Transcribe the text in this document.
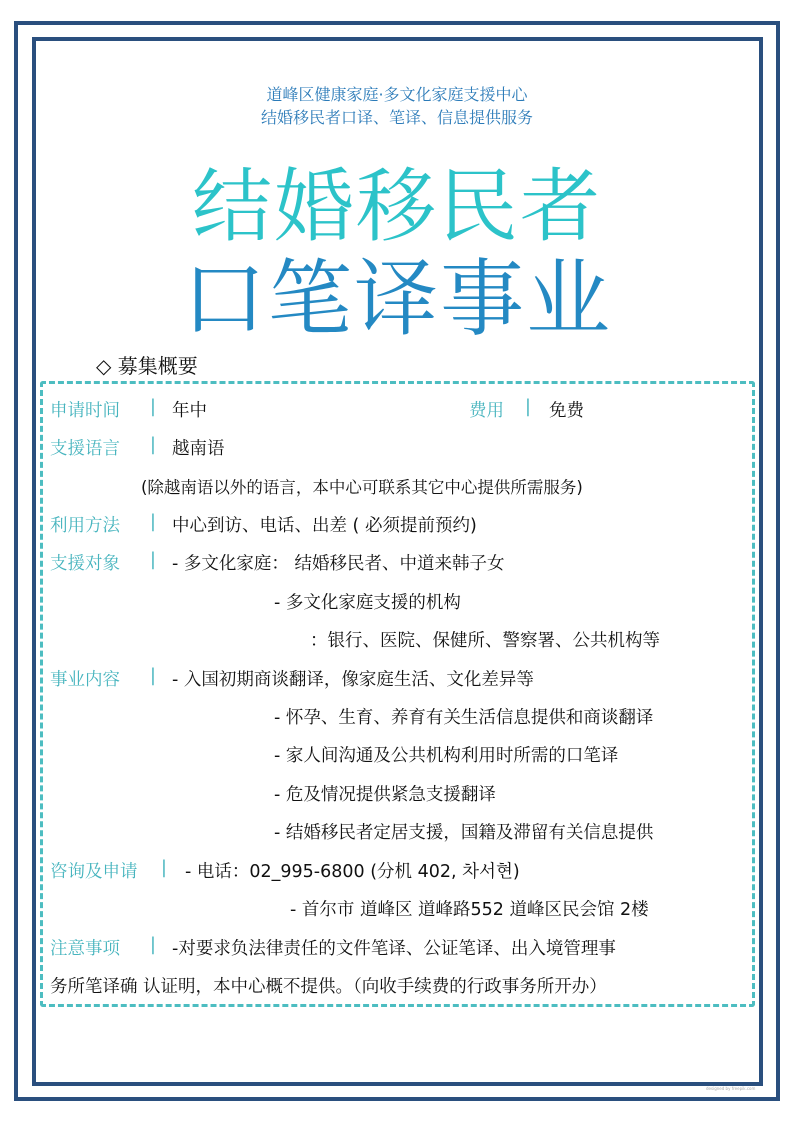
道峰区健康家庭·多文化家庭支援中心
结婚移民者口译、笔译、信息提供服务
结婚移民者
口笔译事业
◇ 募集概要
申请时间 | 年中	费用 | 免费
支援语言 | 越南语
(除越南语以外的语言，本中心可联系其它中心提供所需服务)
利用方法 | 中心到访、电话、出差 ( 必须提前预约)
支援对象 | - 多文化家庭： 结婚移民者、中道来韩子女
- 多文化家庭支援的机构
：银行、医院、保健所、警察署、公共机构等
事业内容 | - 入国初期商谈翻译，像家庭生活、文化差异等
- 怀孕、生育、养育有关生活信息提供和商谈翻译
- 家人间沟通及公共机构利用时所需的口笔译
- 危及情况提供紧急支援翻译
- 结婚移民者定居支援，国籍及滞留有关信息提供
咨询及申请 | - 电话：02_995-6800 (分机 402, 차서현)
- 首尔市 道峰区 道峰路552 道峰区民会馆 2楼
注意事项 | -对要求负法律责任的文件笔译、公证笔译、出入境管理事
务所笔译确 认证明，本中心概不提供。（向收手续费的行政事务所开办）
designed by freepik.com
